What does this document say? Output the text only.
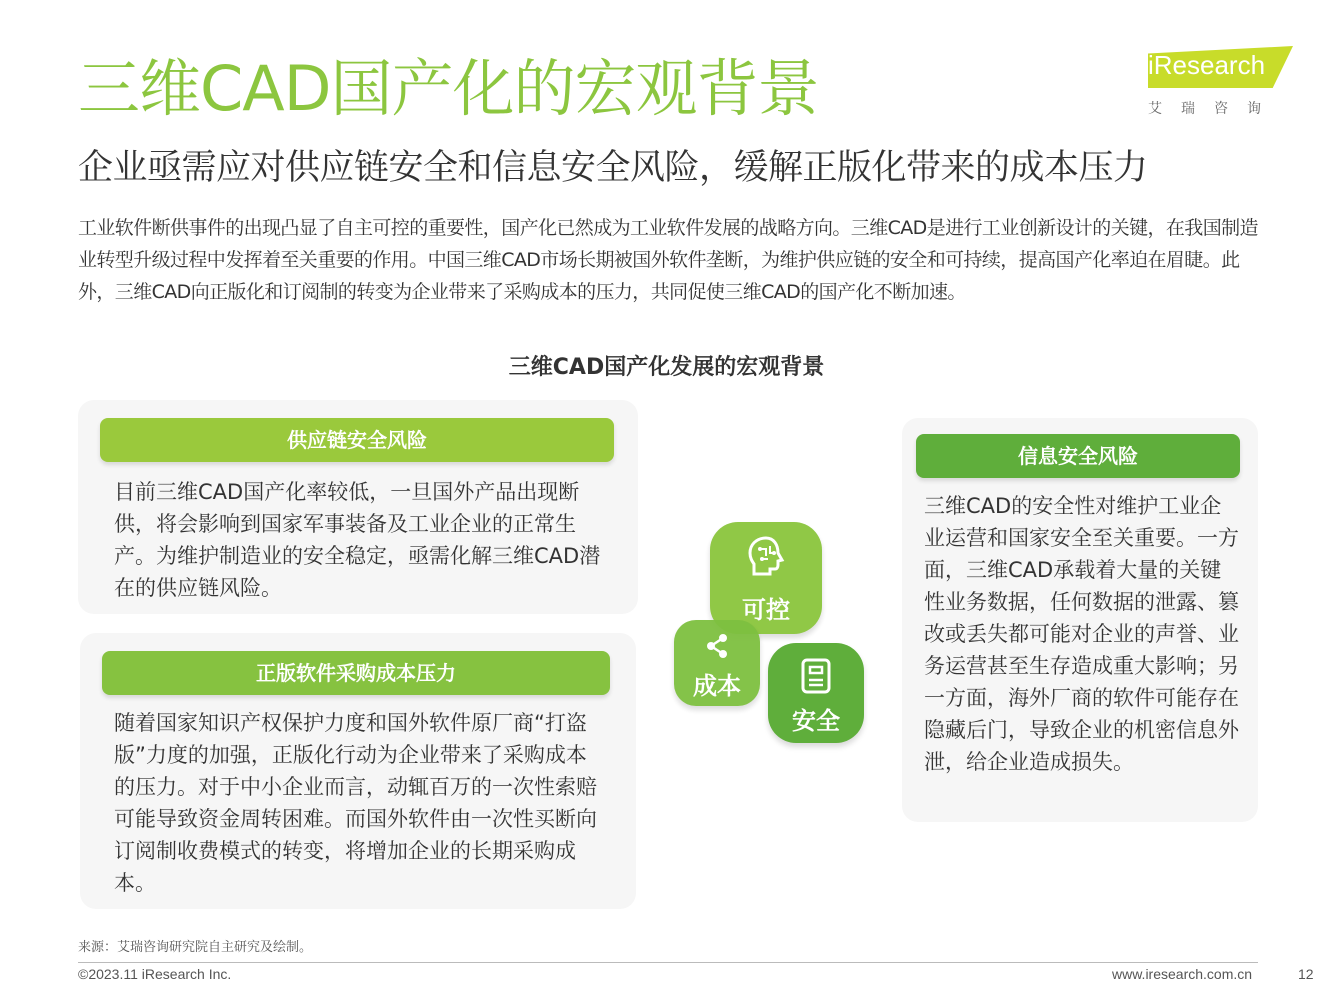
三维CAD国产化的宏观背景	iResearch
艾瑞咨询
企业亟需应对供应链安全和信息安全风险，缓解正版化带来的成本压力
工业软件断供事件的出现凸显了自主可控的重要性，国产化已然成为工业软件发展的战略方向。三维CAD是进行工业创新设计的关键，在我国制造业转型升级过程中发挥着至关重要的作用。中国三维CAD市场长期被国外软件垄断，为维护供应链的安全和可持续，提高国产化率迫在眉睫。此外，三维CAD向正版化和订阅制的转变为企业带来了采购成本的压力，共同促使三维CAD的国产化不断加速。
三维CAD国产化发展的宏观背景
供应链安全风险
目前三维CAD国产化率较低，一旦国外产品出现断供，将会影响到国家军事装备及工业企业的正常生产。为维护制造业的安全稳定，亟需化解三维CAD潜在的供应链风险。
正版软件采购成本压力
随着国家知识产权保护力度和国外软件原厂商“打盗版”力度的加强，正版化行动为企业带来了采购成本的压力。对于中小企业而言，动辄百万的一次性索赔可能导致资金周转困难。而国外软件由一次性买断向订阅制收费模式的转变，将增加企业的长期采购成本。
信息安全风险
三维CAD的安全性对维护工业企业运营和国家安全至关重要。一方面，三维CAD承载着大量的关键性业务数据，任何数据的泄露、篡改或丢失都可能对企业的声誉、业务运营甚至生存造成重大影响；另一方面，海外厂商的软件可能存在隐藏后门，导致企业的机密信息外泄，给企业造成损失。
可控
成本
安全
来源：艾瑞咨询研究院自主研究及绘制。
©2023.11 iResearch Inc.	www.iresearch.com.cn	12
